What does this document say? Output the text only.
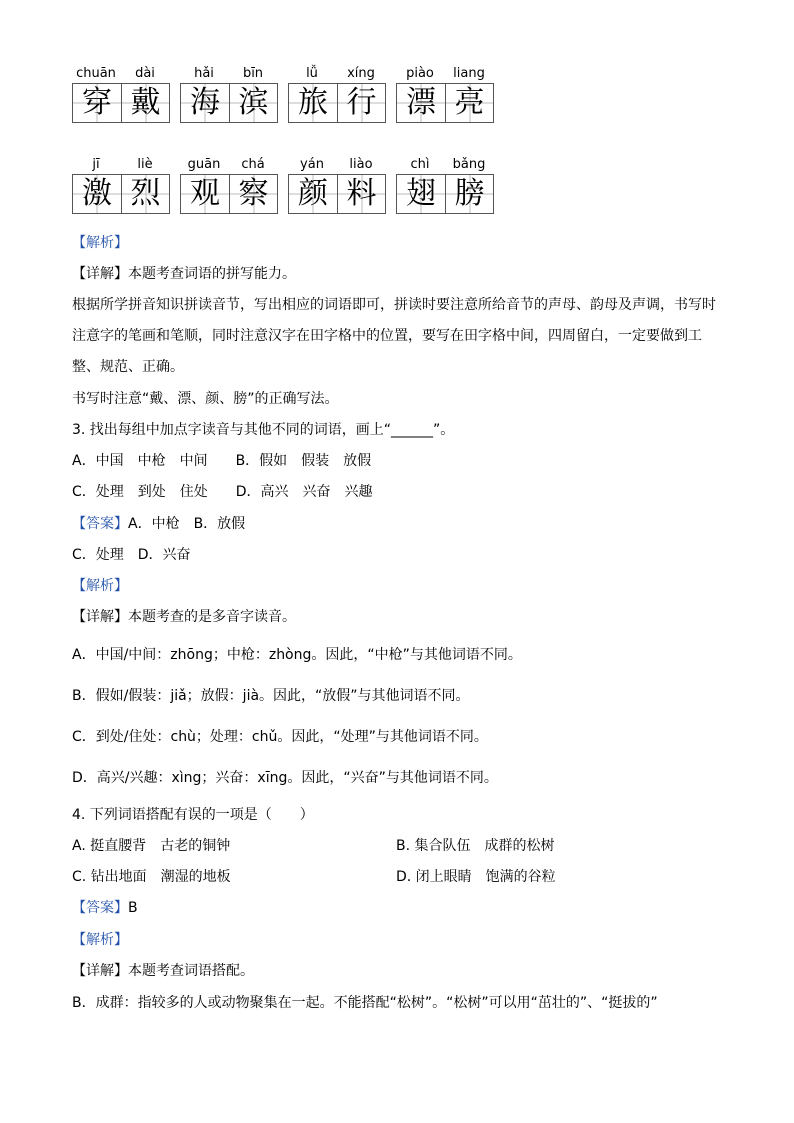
chuān	dài
穿 戴
hǎi	bīn
海 滨
lǚ	xíng
旅 行
piào	liang
漂 亮
jī	liè
激 烈
guān	chá
观 察
yán	liào
颜 料
chì	bǎng
翅 膀
【解析】
【详解】本题考查词语的拼写能力。
根据所学拼音知识拼读音节，写出相应的词语即可，拼读时要注意所给音节的声母、韵母及声调，书写时
注意字的笔画和笔顺，同时注意汉字在田字格中的位置，要写在田字格中间，四周留白，一定要做到工
整、规范、正确。
书写时注意“戴、漂、颜、膀”的正确写法。
3. 找出每组中加点字读音与其他不同的词语，画上“______”。
A．中国　中枪　中间　　B．假如　假装　放假
C．处理　到处　住处　　D．高兴　兴奋　兴趣
【答案】A．中枪　B．放假
C．处理　D．兴奋
【解析】
【详解】本题考查的是多音字读音。
A．中国/中间：zhōng；中枪：zhòng。因此，“中枪”与其他词语不同。
B．假如/假装：jiǎ；放假：jià。因此，“放假”与其他词语不同。
C．到处/住处：chù；处理：chǔ。因此，“处理”与其他词语不同。
D．高兴/兴趣：xìng；兴奋：xīng。因此，“兴奋”与其他词语不同。
4. 下列词语搭配有误的一项是（　　）
A. 挺直腰背　古老的铜钟	B. 集合队伍　成群的松树
C. 钻出地面　潮湿的地板	D. 闭上眼睛　饱满的谷粒
【答案】B
【解析】
【详解】本题考查词语搭配。
B．成群：指较多的人或动物聚集在一起。不能搭配“松树”。“松树”可以用“茁壮的”、“挺拔的”
